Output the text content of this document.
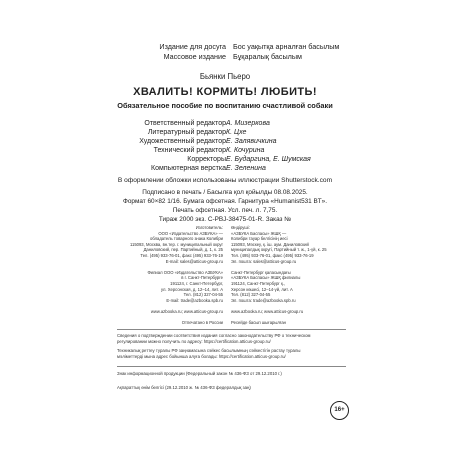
Издание для досуга Бос уақытқа арналған басылым
Массовое издание Бұқаралық басылым
Бьянки Пьеро
ХВАЛИТЬ! КОРМИТЬ! ЛЮБИТЬ!
Обязательное пособие по воспитанию счастливой собаки
Ответственный редактор А. Мизеркова
Литературный редактор К. Цхе
Художественный редактор Е. Залявичкина
Технический редактор К. Кочурина
Корректоры Е. Бударгина, Е. Шумская
Компьютерная верстка Е. Зеленина
В оформлении обложки использованы иллюстрации Shutterstock.com
Подписано в печать / Басылға қол қойылды 08.08.2025.
Формат 60×82 1/16. Бумага офсетная. Гарнитура «Humanist531 BT».
Печать офсетная. Усл. печ. л. 7,75.
Тираж 2000 экз. С-PBJ-38475-01-R. Заказ №
Изготовитель:
ООО «Издательство АЗБУКА» —
обладатель товарного знака Колибри
115093, Москва, вн.тер. г. муниципальный округ
Даниловский, пер. Партийный, д. 1, к. 25
Тел. (495) 933-76-01, факс (495) 933-76-19
E-mail: sales@atticus-group.ru
Филиал ООО «Издательство АЗБУКА»
в г. Санкт-Петербурге
191124, г. Санкт-Петербург,
ул. Херсонская, д. 12–14, лит. А
Тел. (812) 327-04-55
E-mail: trade@azbooka.spb.ru
www.azbooka.ru; www.atticus-group.ru
Отпечатано в России
Өндіруші:
«АЗБУКА Баспасы» ЖШҚ —
Колибри тауар белгісінің иесі
115093, Мәскеу, қ. іш. аум. Даниловский
муниципалдық округі, Партийный т. ж., 1-үй, к. 25
Тел. (495) 933-76-01, факс (495) 933-76-19
Эл. пошта: sales@atticus-group.ru
Санкт-Петербург қаласындағы
«АЗБУКА Баспасы» ЖШҚ филиалы
191124, Санкт-Петербург қ.,
Херсон көшесі, 12–14-үй, лит. А
Тел. (812) 327-04-55
Эл. пошта: trade@azbooka.spb.ru
www.azbooka.ru; www.atticus-group.ru
Ресейде басып шығарылған
Сведения о подтверждении соответствия издания согласно законодательству РФ о техническом
регулировании можно получить по адресу: https://certification.atticus-group.ru/
Техникалық реттеу туралы РФ заңнамасына сәйкес басылымның сәйкестігін растау туралы
мәліметтерді мына адрес бойынша алуға болады: https://certification.atticus-group.ru/
Знак информационной продукции (Федеральный закон № 436-ФЗ от 29.12.2010 г.)
Ақпараттық өнім белгісі (29.12.2010 ж. № 436-ФЗ федералдық заң)
16+
